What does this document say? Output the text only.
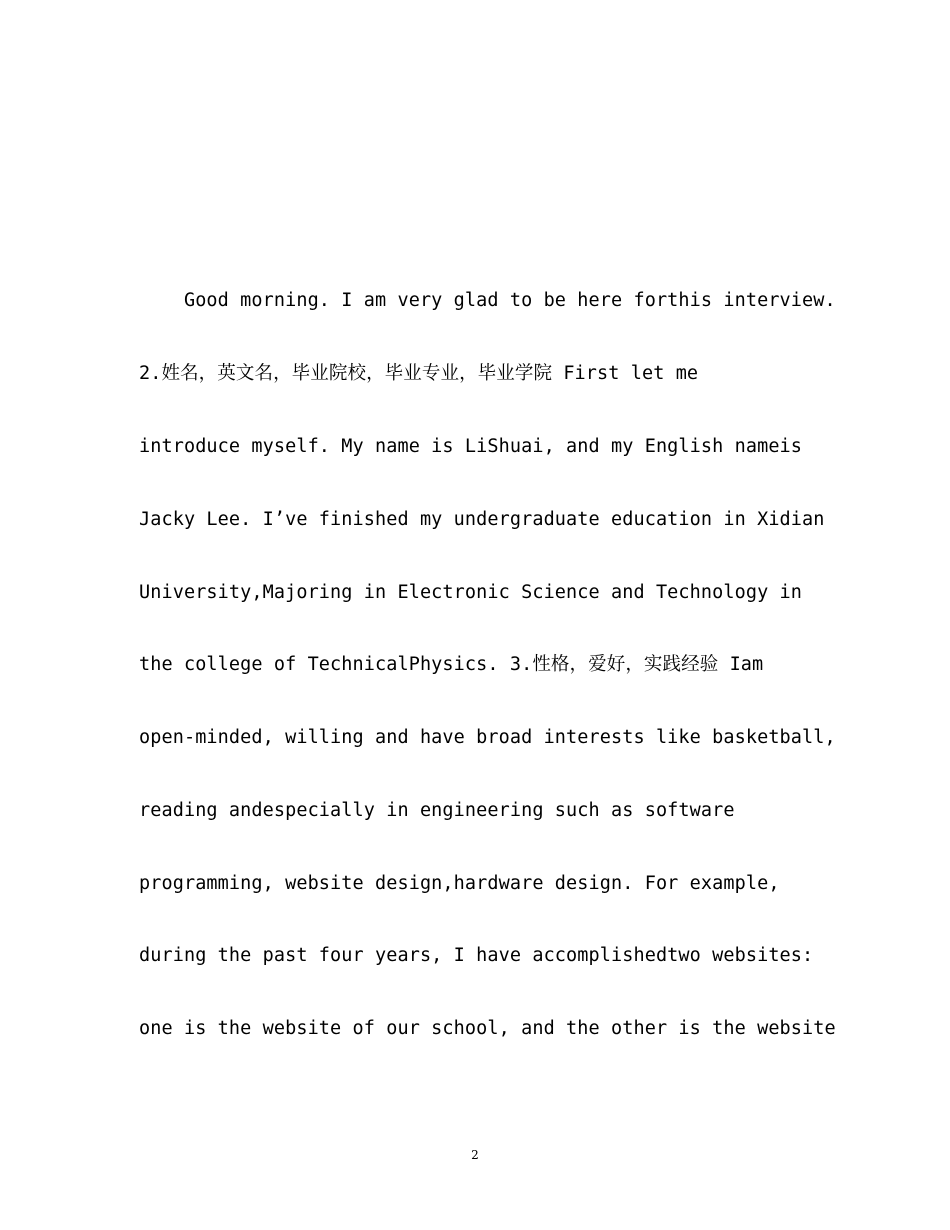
Good morning. I am very glad to be here forthis interview.
2.姓名，英文名，毕业院校，毕业专业，毕业学院 First let me
introduce myself. My name is LiShuai, and my English nameis
Jacky Lee. I’ve finished my undergraduate education in Xidian
University,Majoring in Electronic Science and Technology in
the college of TechnicalPhysics. 3.性格，爱好，实践经验 Iam
open-minded, willing and have broad interests like basketball,
reading andespecially in engineering such as software
programming, website design,hardware design. For example,
during the past four years, I have accomplishedtwo websites:
one is the website of our school, and the other is the website
2
